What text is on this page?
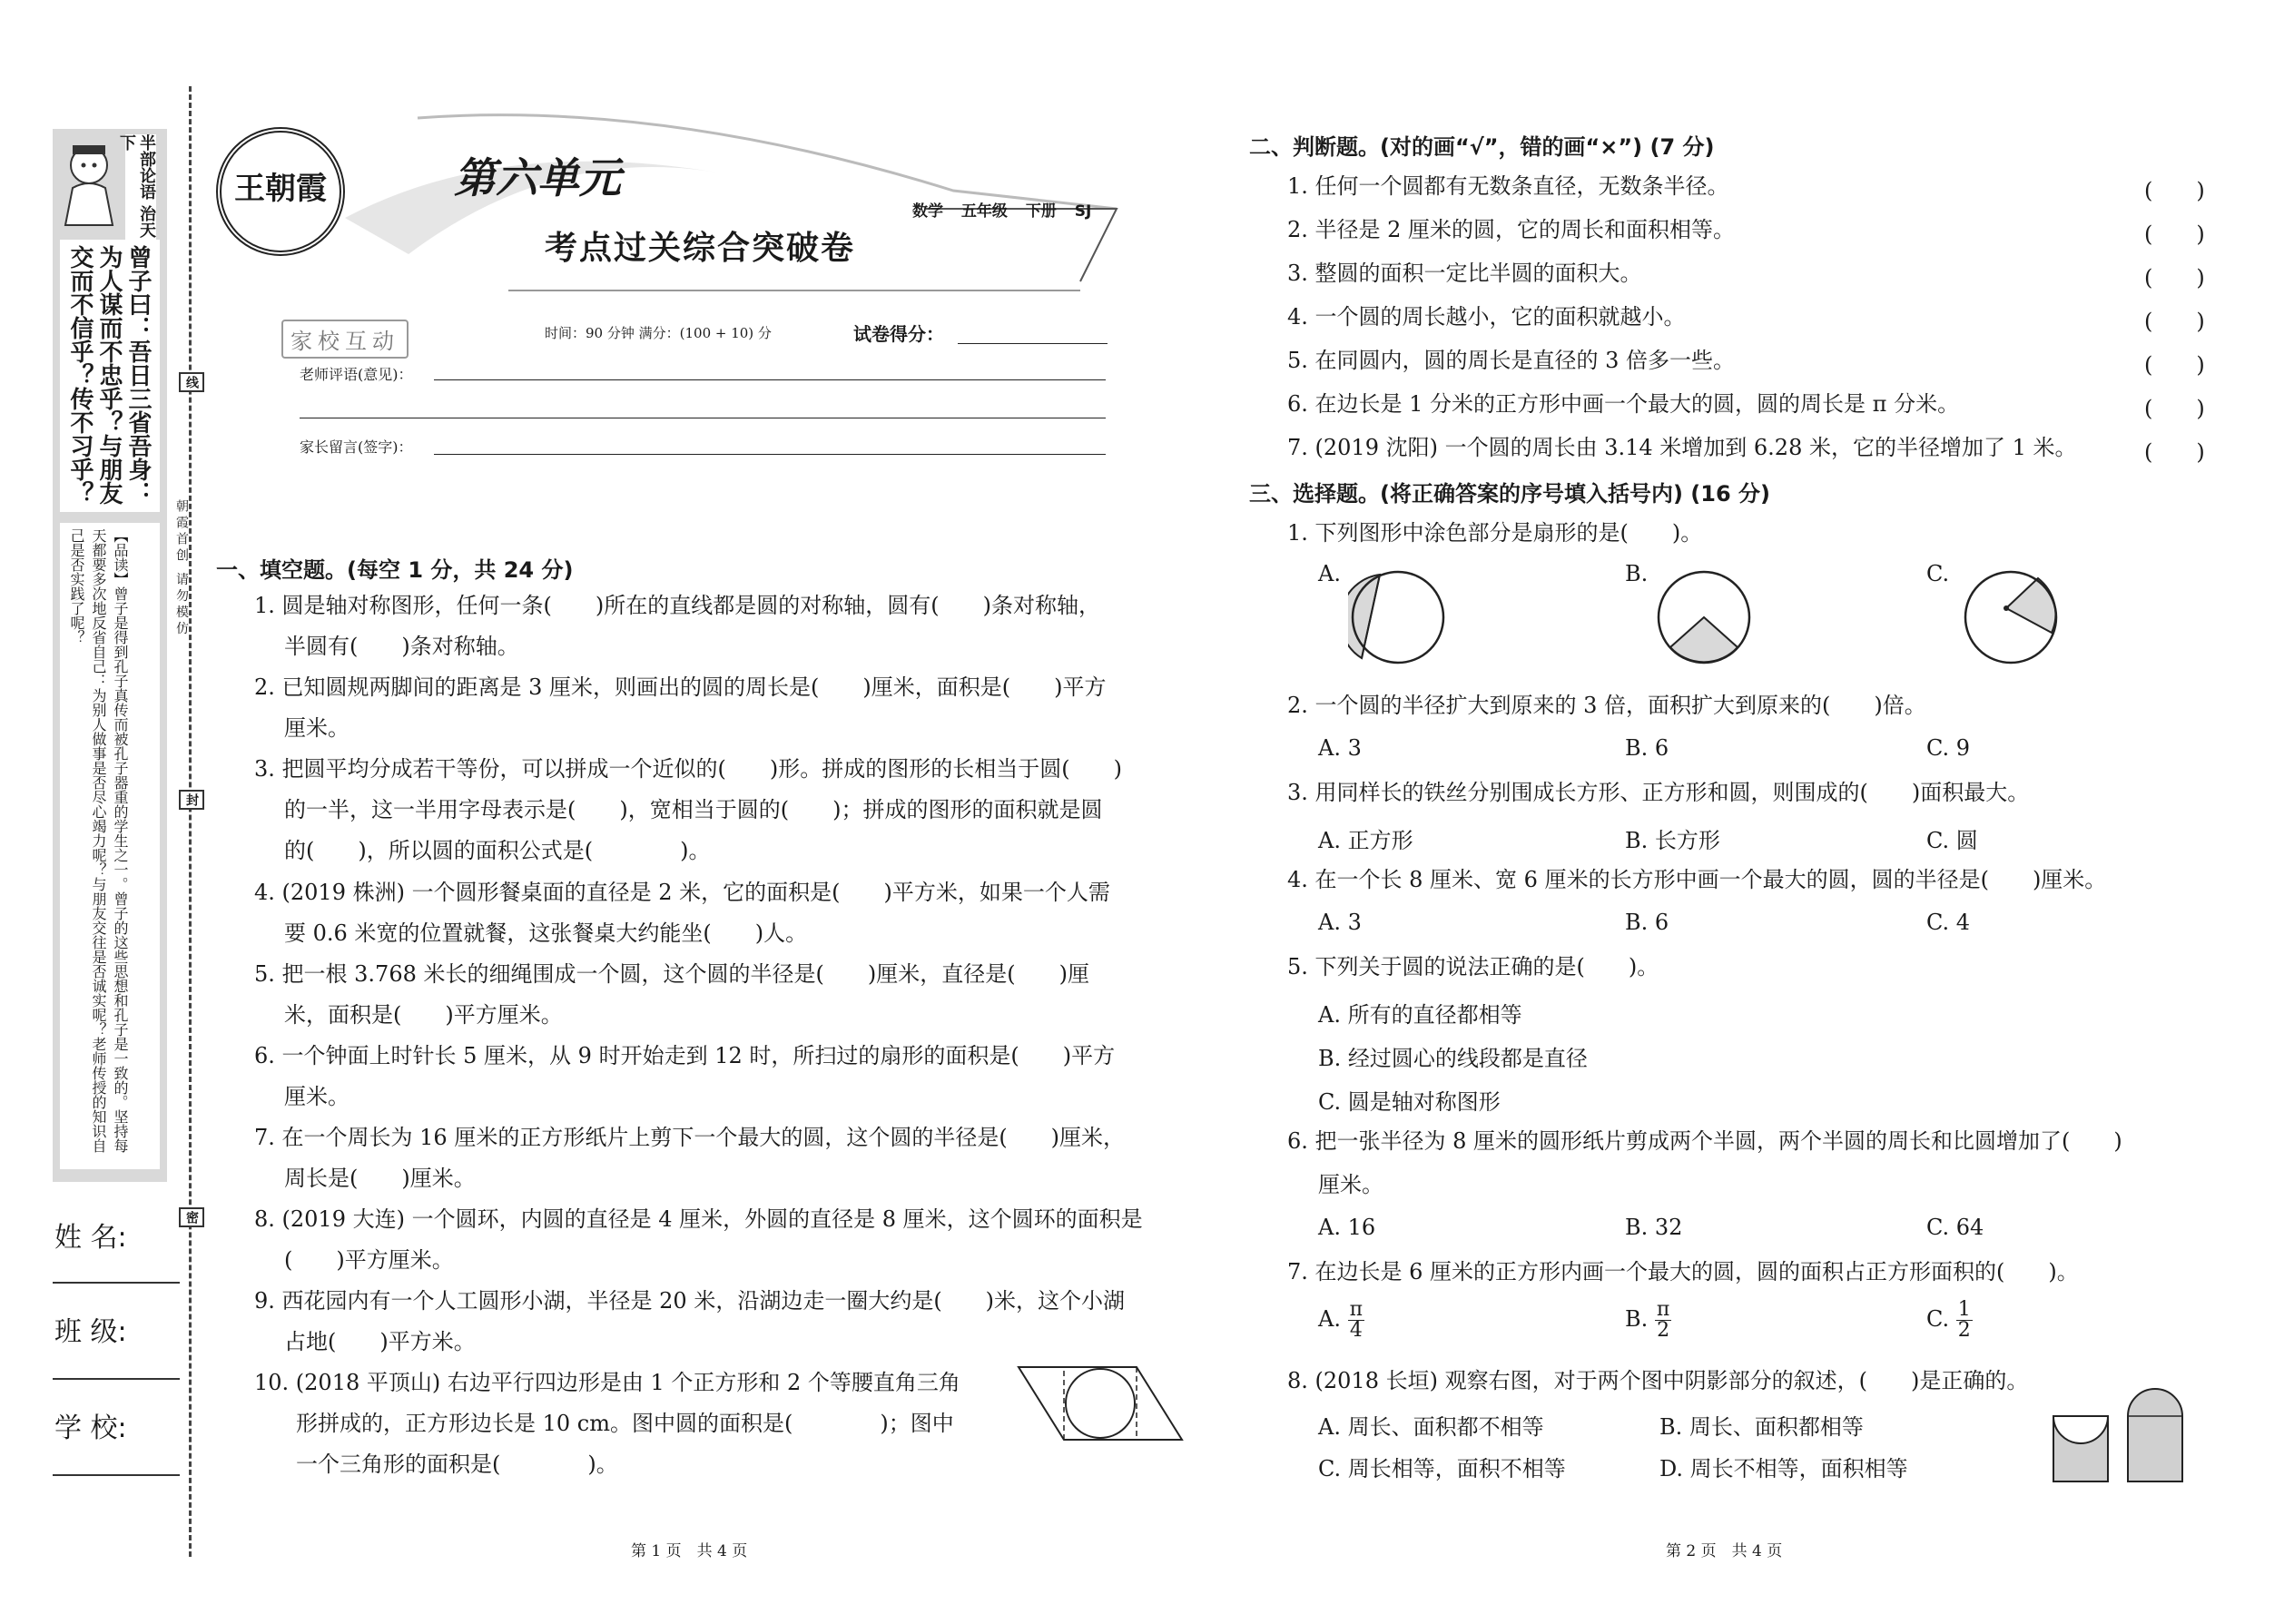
半部论语 治天下
曾子曰：吾日三省吾身：为人谋而不忠乎？与朋友交而不信乎？传不习乎？
【品读】曾子是得到孔子真传而被孔子器重的学生之一。曾子的这些思想和孔子是一致的。坚持每天都要多次地反省自己：为别人做事是否尽心竭力呢？与朋友交往是否诚实呢？老师传授的知识自己是否实践了呢？
线
封
密
朝霞首创 请勿模仿
姓 名:
班 级:
学 校:
王朝霞	第六单元
考点过关综合突破卷
数学 五年级 下册 SJ
家校互动	时间：90 分钟 满分：(100 + 10) 分	试卷得分：
老师评语(意见)：
家长留言(签字)：
一、填空题。(每空 1 分，共 24 分)
1. 圆是轴对称图形，任何一条(　　)所在的直线都是圆的对称轴，圆有(　　)条对称轴，
半圆有(　　)条对称轴。
2. 已知圆规两脚间的距离是 3 厘米，则画出的圆的周长是(　　)厘米，面积是(　　)平方
厘米。
3. 把圆平均分成若干等份，可以拼成一个近似的(　　)形。拼成的图形的长相当于圆(　　)
的一半，这一半用字母表示是(　　)，宽相当于圆的(　　)；拼成的图形的面积就是圆
的(　　)，所以圆的面积公式是(　　　　)。
4. (2019 株洲) 一个圆形餐桌面的直径是 2 米，它的面积是(　　)平方米，如果一个人需
要 0.6 米宽的位置就餐，这张餐桌大约能坐(　　)人。
5. 把一根 3.768 米长的细绳围成一个圆，这个圆的半径是(　　)厘米，直径是(　　)厘
米，面积是(　　)平方厘米。
6. 一个钟面上时针长 5 厘米，从 9 时开始走到 12 时，所扫过的扇形的面积是(　　)平方
厘米。
7. 在一个周长为 16 厘米的正方形纸片上剪下一个最大的圆，这个圆的半径是(　　)厘米，
周长是(　　)厘米。
8. (2019 大连) 一个圆环，内圆的直径是 4 厘米，外圆的直径是 8 厘米，这个圆环的面积是
(　　)平方厘米。
9. 西花园内有一个人工圆形小湖，半径是 20 米，沿湖边走一圈大约是(　　)米，这个小湖
占地(　　)平方米。
10. (2018 平顶山) 右边平行四边形是由 1 个正方形和 2 个等腰直角三角
形拼成的，正方形边长是 10 cm。图中圆的面积是(　　　　)；图中
一个三角形的面积是(　　　　)。
第 1 页　共 4 页
二、判断题。(对的画“√”，错的画“×”) (7 分)
1. 任何一个圆都有无数条直径，无数条半径。	(　　)
2. 半径是 2 厘米的圆，它的周长和面积相等。	(　　)
3. 整圆的面积一定比半圆的面积大。	(　　)
4. 一个圆的周长越小，它的面积就越小。	(　　)
5. 在同圆内，圆的周长是直径的 3 倍多一些。	(　　)
6. 在边长是 1 分米的正方形中画一个最大的圆，圆的周长是 π 分米。	(　　)
7. (2019 沈阳) 一个圆的周长由 3.14 米增加到 6.28 米，它的半径增加了 1 米。	(　　)
三、选择题。(将正确答案的序号填入括号内) (16 分)
1. 下列图形中涂色部分是扇形的是(　　)。
A.	B.	C.
2. 一个圆的半径扩大到原来的 3 倍，面积扩大到原来的(　　)倍。
A. 3	B. 6	C. 9
3. 用同样长的铁丝分别围成长方形、正方形和圆，则围成的(　　)面积最大。
A. 正方形	B. 长方形	C. 圆
4. 在一个长 8 厘米、宽 6 厘米的长方形中画一个最大的圆，圆的半径是(　　)厘米。
A. 3	B. 6	C. 4
5. 下列关于圆的说法正确的是(　　)。
A. 所有的直径都相等
B. 经过圆心的线段都是直径
C. 圆是轴对称图形
6. 把一张半径为 8 厘米的圆形纸片剪成两个半圆，两个半圆的周长和比圆增加了(　　)
厘米。
A. 16	B. 32	C. 64
7. 在边长是 6 厘米的正方形内画一个最大的圆，圆的面积占正方形面积的(　　)。
A. $\frac{\pi}{4}$	B. $\frac{\pi}{2}$	C. $\frac{1}{2}$
8. (2018 长垣) 观察右图，对于两个图中阴影部分的叙述，(　　)是正确的。
A. 周长、面积都不相等	B. 周长、面积都相等
C. 周长相等，面积不相等	D. 周长不相等，面积相等
第 2 页　共 4 页
